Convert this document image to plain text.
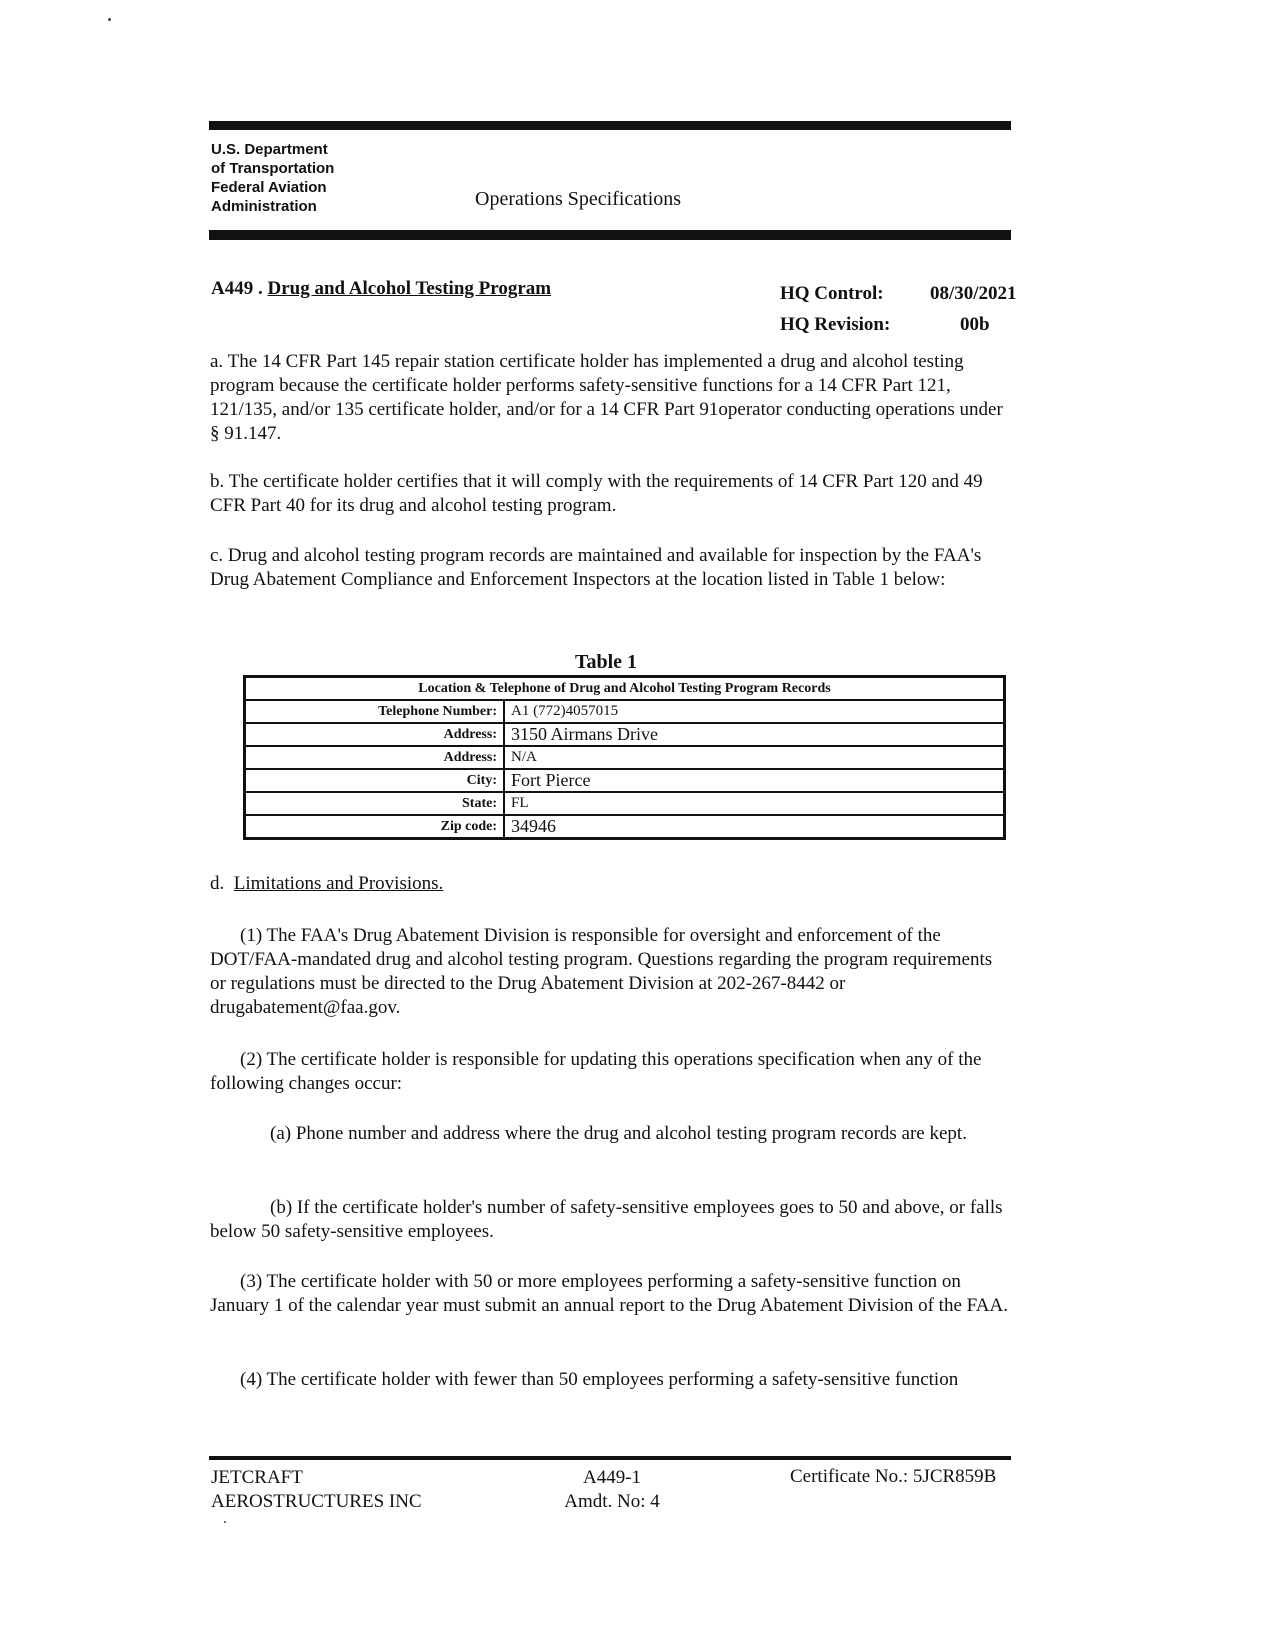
U.S. Department
of Transportation
Federal Aviation
Administration	Operations Specifications
A449 . Drug and Alcohol Testing Program	HQ Control: 08/30/2021
HQ Revision:	00b
a. The 14 CFR Part 145 repair station certificate holder has implemented a drug and alcohol testing program because the certificate holder performs safety-sensitive functions for a 14 CFR Part 121, 121/135, and/or 135 certificate holder, and/or for a 14 CFR Part 91operator conducting operations under § 91.147.
b. The certificate holder certifies that it will comply with the requirements of 14 CFR Part 120 and 49 CFR Part 40 for its drug and alcohol testing program.
c. Drug and alcohol testing program records are maintained and available for inspection by the FAA's Drug Abatement Compliance and Enforcement Inspectors at the location listed in Table 1 below:
Table 1
Location & Telephone of Drug and Alcohol Testing Program Records	
Telephone Number:	A1 (772)4057015
Address:	3150 Airmans Drive
Address:	N/A
City:	Fort Pierce
State:	FL
Zip code:	34946
d. Limitations and Provisions.
(1) The FAA's Drug Abatement Division is responsible for oversight and enforcement of the DOT/FAA-mandated drug and alcohol testing program. Questions regarding the program requirements or regulations must be directed to the Drug Abatement Division at 202-267-8442 or drugabatement@faa.gov.
(2) The certificate holder is responsible for updating this operations specification when any of the following changes occur:
(a) Phone number and address where the drug and alcohol testing program records are kept.
(b) If the certificate holder's number of safety-sensitive employees goes to 50 and above, or falls below 50 safety-sensitive employees.
(3) The certificate holder with 50 or more employees performing a safety-sensitive function on January 1 of the calendar year must submit an annual report to the Drug Abatement Division of the FAA.
(4) The certificate holder with fewer than 50 employees performing a safety-sensitive function
JETCRAFT
AEROSTRUCTURES INC
A449-1
Amdt. No: 4
Certificate No.: 5JCR859B
